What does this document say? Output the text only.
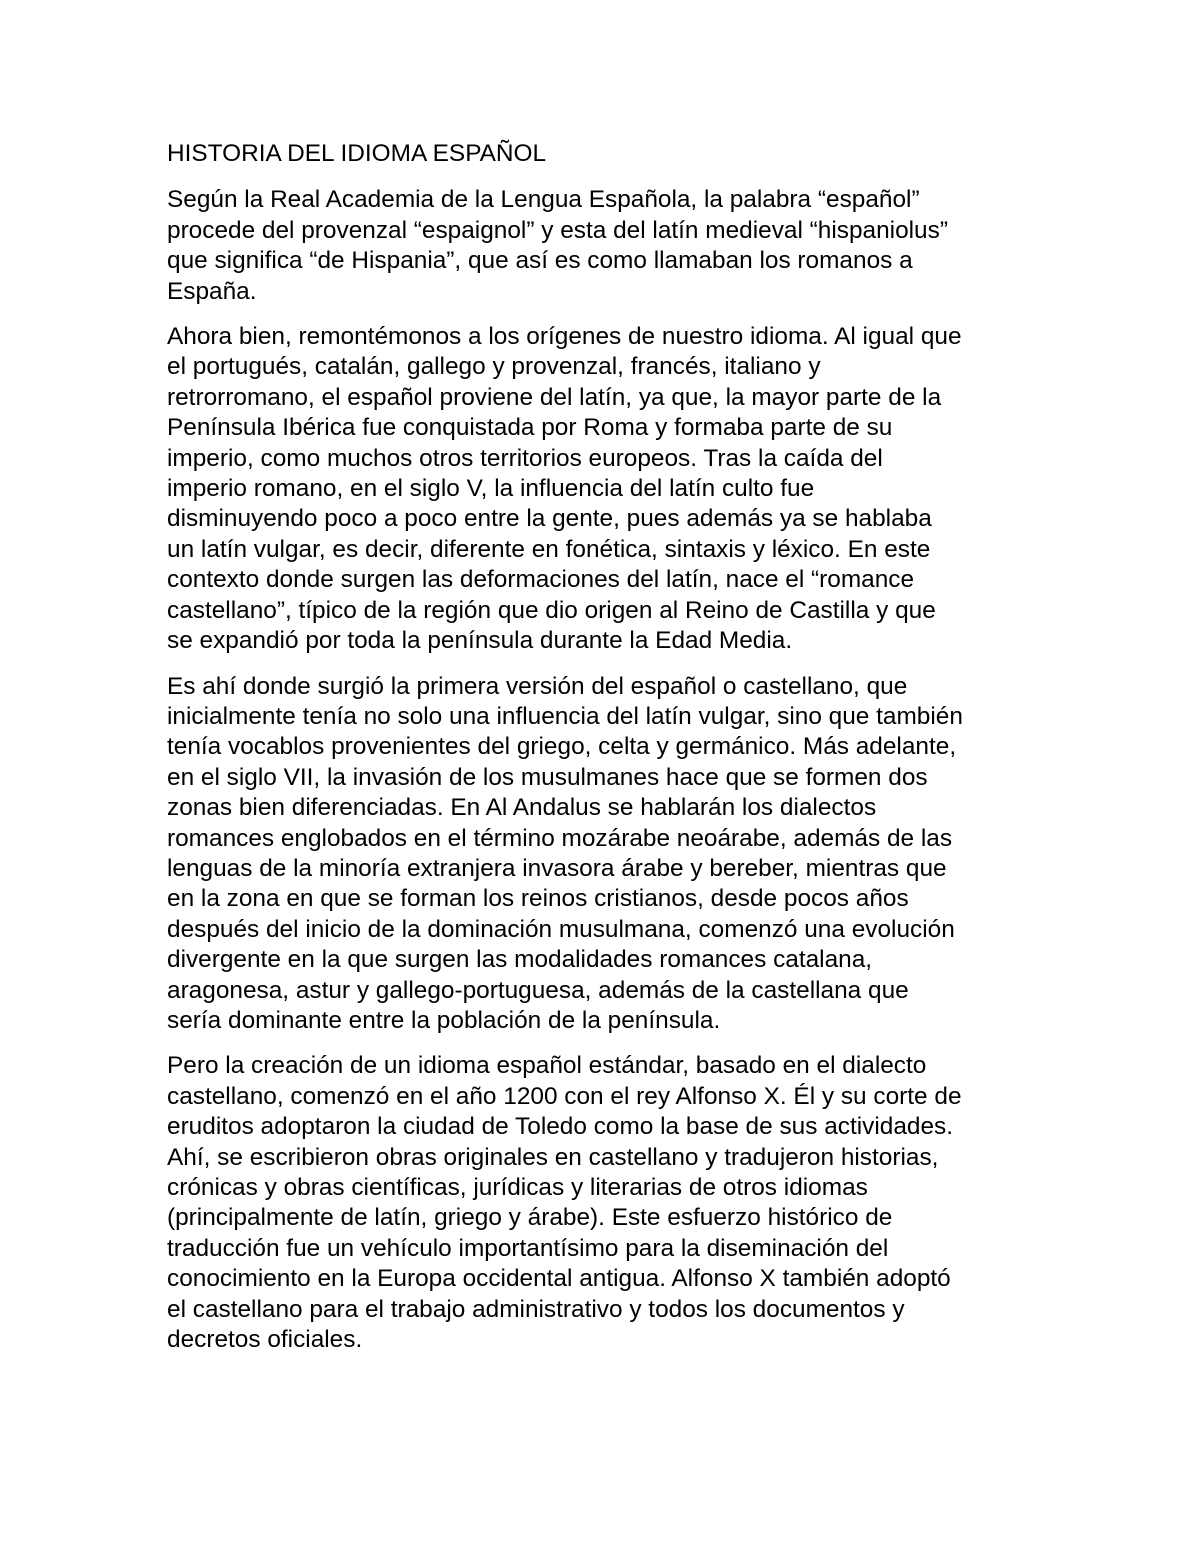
HISTORIA DEL IDIOMA ESPAÑOL
Según la Real Academia de la Lengua Española, la palabra “español”
procede del provenzal “espaignol” y esta del latín medieval “hispaniolus”
que significa “de Hispania”, que así es como llamaban los romanos a
España.
Ahora bien, remontémonos a los orígenes de nuestro idioma. Al igual que
el portugués, catalán, gallego y provenzal, francés, italiano y
retrorromano, el español proviene del latín, ya que, la mayor parte de la
Península Ibérica fue conquistada por Roma y formaba parte de su
imperio, como muchos otros territorios europeos. Tras la caída del
imperio romano, en el siglo V, la influencia del latín culto fue
disminuyendo poco a poco entre la gente, pues además ya se hablaba
un latín vulgar, es decir, diferente en fonética, sintaxis y léxico. En este
contexto donde surgen las deformaciones del latín, nace el “romance
castellano”, típico de la región que dio origen al Reino de Castilla y que
se expandió por toda la península durante la Edad Media.
Es ahí donde surgió la primera versión del español o castellano, que
inicialmente tenía no solo una influencia del latín vulgar, sino que también
tenía vocablos provenientes del griego, celta y germánico. Más adelante,
en el siglo VII, la invasión de los musulmanes hace que se formen dos
zonas bien diferenciadas. En Al Andalus se hablarán los dialectos
romances englobados en el término mozárabe neoárabe, además de las
lenguas de la minoría extranjera invasora árabe y bereber, mientras que
en la zona en que se forman los reinos cristianos, desde pocos años
después del inicio de la dominación musulmana, comenzó una evolución
divergente en la que surgen las modalidades romances catalana,
aragonesa, astur y gallego-portuguesa, además de la castellana que
sería dominante entre la población de la península.
Pero la creación de un idioma español estándar, basado en el dialecto
castellano, comenzó en el año 1200 con el rey Alfonso X. Él y su corte de
eruditos adoptaron la ciudad de Toledo como la base de sus actividades.
Ahí, se escribieron obras originales en castellano y tradujeron historias,
crónicas y obras científicas, jurídicas y literarias de otros idiomas
(principalmente de latín, griego y árabe). Este esfuerzo histórico de
traducción fue un vehículo importantísimo para la diseminación del
conocimiento en la Europa occidental antigua. Alfonso X también adoptó
el castellano para el trabajo administrativo y todos los documentos y
decretos oficiales.
